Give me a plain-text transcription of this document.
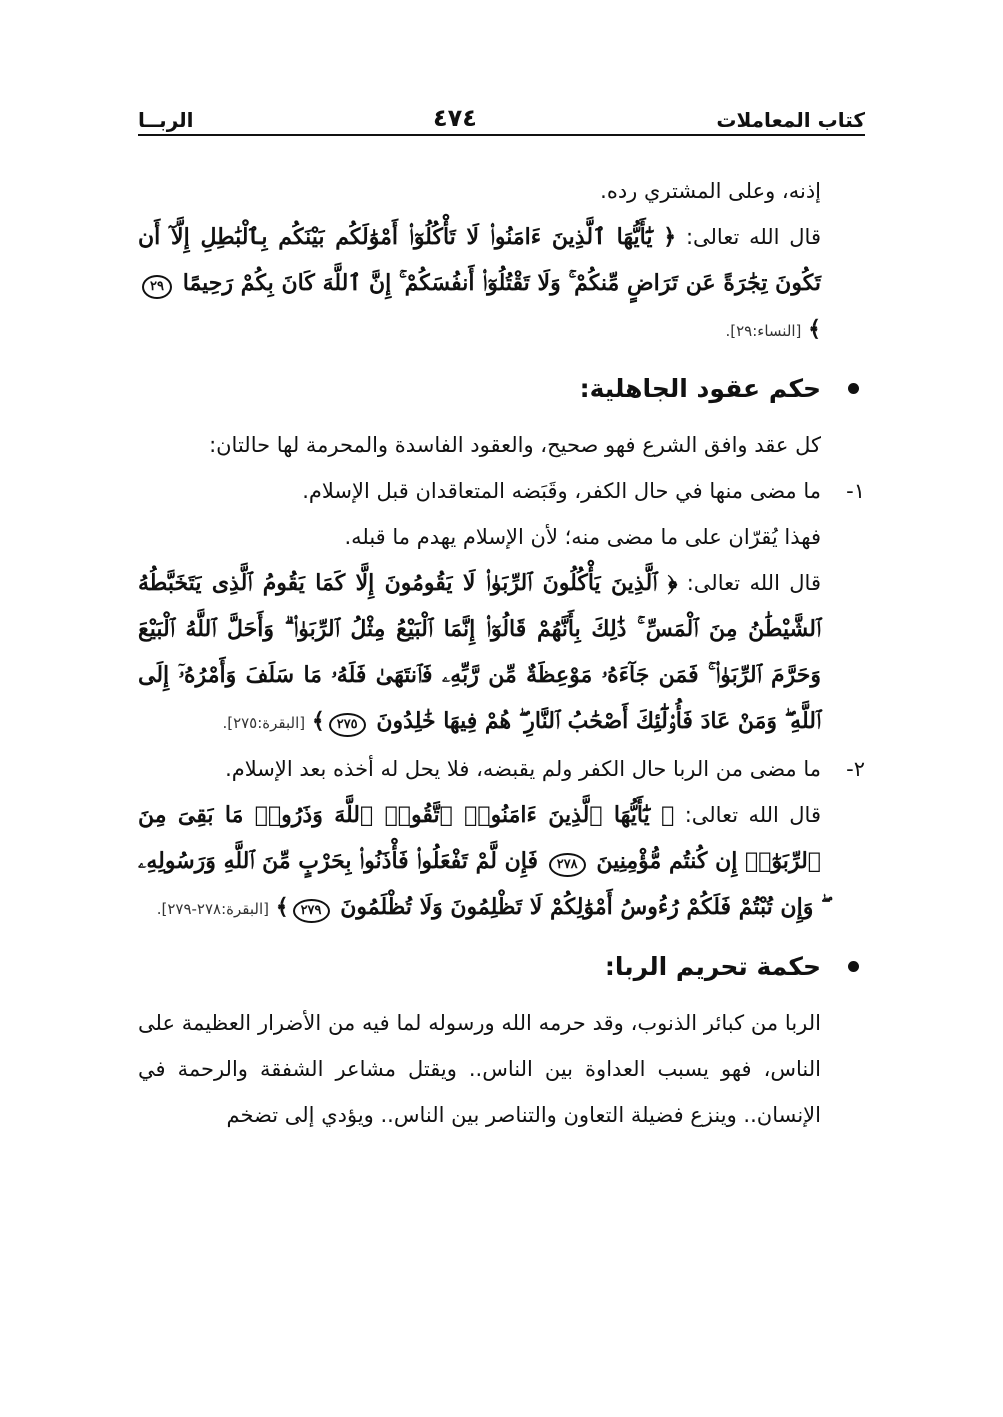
كتاب المعاملات
٤٧٤
الربــا

إذنه، وعلى المشتري رده.

قال الله تعالى: ﴿ يَٰٓأَيُّهَا ٱلَّذِينَ ءَامَنُوا۟ لَا تَأْكُلُوٓا۟ أَمْوَٰلَكُم بَيْنَكُم بِٱلْبَٰطِلِ إِلَّآ أَن تَكُونَ تِجَٰرَةً عَن تَرَاضٍ مِّنكُمْ ۚ وَلَا تَقْتُلُوٓا۟ أَنفُسَكُمْ ۚ إِنَّ ٱللَّهَ كَانَ بِكُمْ رَحِيمًا ٢٩﴾ [النساء:٢٩].

حكم عقود الجاهلية:

كل عقد وافق الشرع فهو صحيح، والعقود الفاسدة والمحرمة لها حالتان:

١-
ما مضى منها في حال الكفر، وقَبَضه المتعاقدان قبل الإسلام.

فهذا يُقرّان على ما مضى منه؛ لأن الإسلام يهدم ما قبله.

قال الله تعالى: ﴿ ٱلَّذِينَ يَأْكُلُونَ ٱلرِّبَوٰا۟ لَا يَقُومُونَ إِلَّا كَمَا يَقُومُ ٱلَّذِى يَتَخَبَّطُهُ ٱلشَّيْطَٰنُ مِنَ ٱلْمَسِّ ۚ ذَٰلِكَ بِأَنَّهُمْ قَالُوٓا۟ إِنَّمَا ٱلْبَيْعُ مِثْلُ ٱلرِّبَوٰا۟ ۗ وَأَحَلَّ ٱللَّهُ ٱلْبَيْعَ وَحَرَّمَ ٱلرِّبَوٰا۟ ۚ فَمَن جَآءَهُۥ مَوْعِظَةٌ مِّن رَّبِّهِۦ فَٱنتَهَىٰ فَلَهُۥ مَا سَلَفَ وَأَمْرُهُۥٓ إِلَى ٱللَّهِ ۖ وَمَنْ عَادَ فَأُو۟لَٰٓئِكَ أَصْحَٰبُ ٱلنَّارِ ۖ هُمْ فِيهَا خَٰلِدُونَ ٢٧٥﴾ [البقرة:٢٧٥].

٢-
ما مضى من الربا حال الكفر ولم يقبضه، فلا يحل له أخذه بعد الإسلام.

قال الله تعالى: ﴿ يَٰٓأَيُّهَا ٱلَّذِينَ ءَامَنُوا۟ ٱتَّقُوا۟ ٱللَّهَ وَذَرُوا۟ مَا بَقِىَ مِنَ ٱلرِّبَوٰٓا۟ إِن كُنتُم مُّؤْمِنِينَ ٢٧٨ فَإِن لَّمْ تَفْعَلُوا۟ فَأْذَنُوا۟ بِحَرْبٍ مِّنَ ٱللَّهِ وَرَسُولِهِۦ ۖ وَإِن تُبْتُمْ فَلَكُمْ رُءُوسُ أَمْوَٰلِكُمْ لَا تَظْلِمُونَ وَلَا تُظْلَمُونَ ٢٧٩﴾ [البقرة:٢٧٨-٢٧٩].

حكمة تحريم الربا:

الربا من كبائر الذنوب، وقد حرمه الله ورسوله لما فيه من الأضرار العظيمة على الناس، فهو يسبب العداوة بين الناس.. ويقتل مشاعر الشفقة والرحمة في الإنسان.. وينزع فضيلة التعاون والتناصر بين الناس.. ويؤدي إلى تضخم
